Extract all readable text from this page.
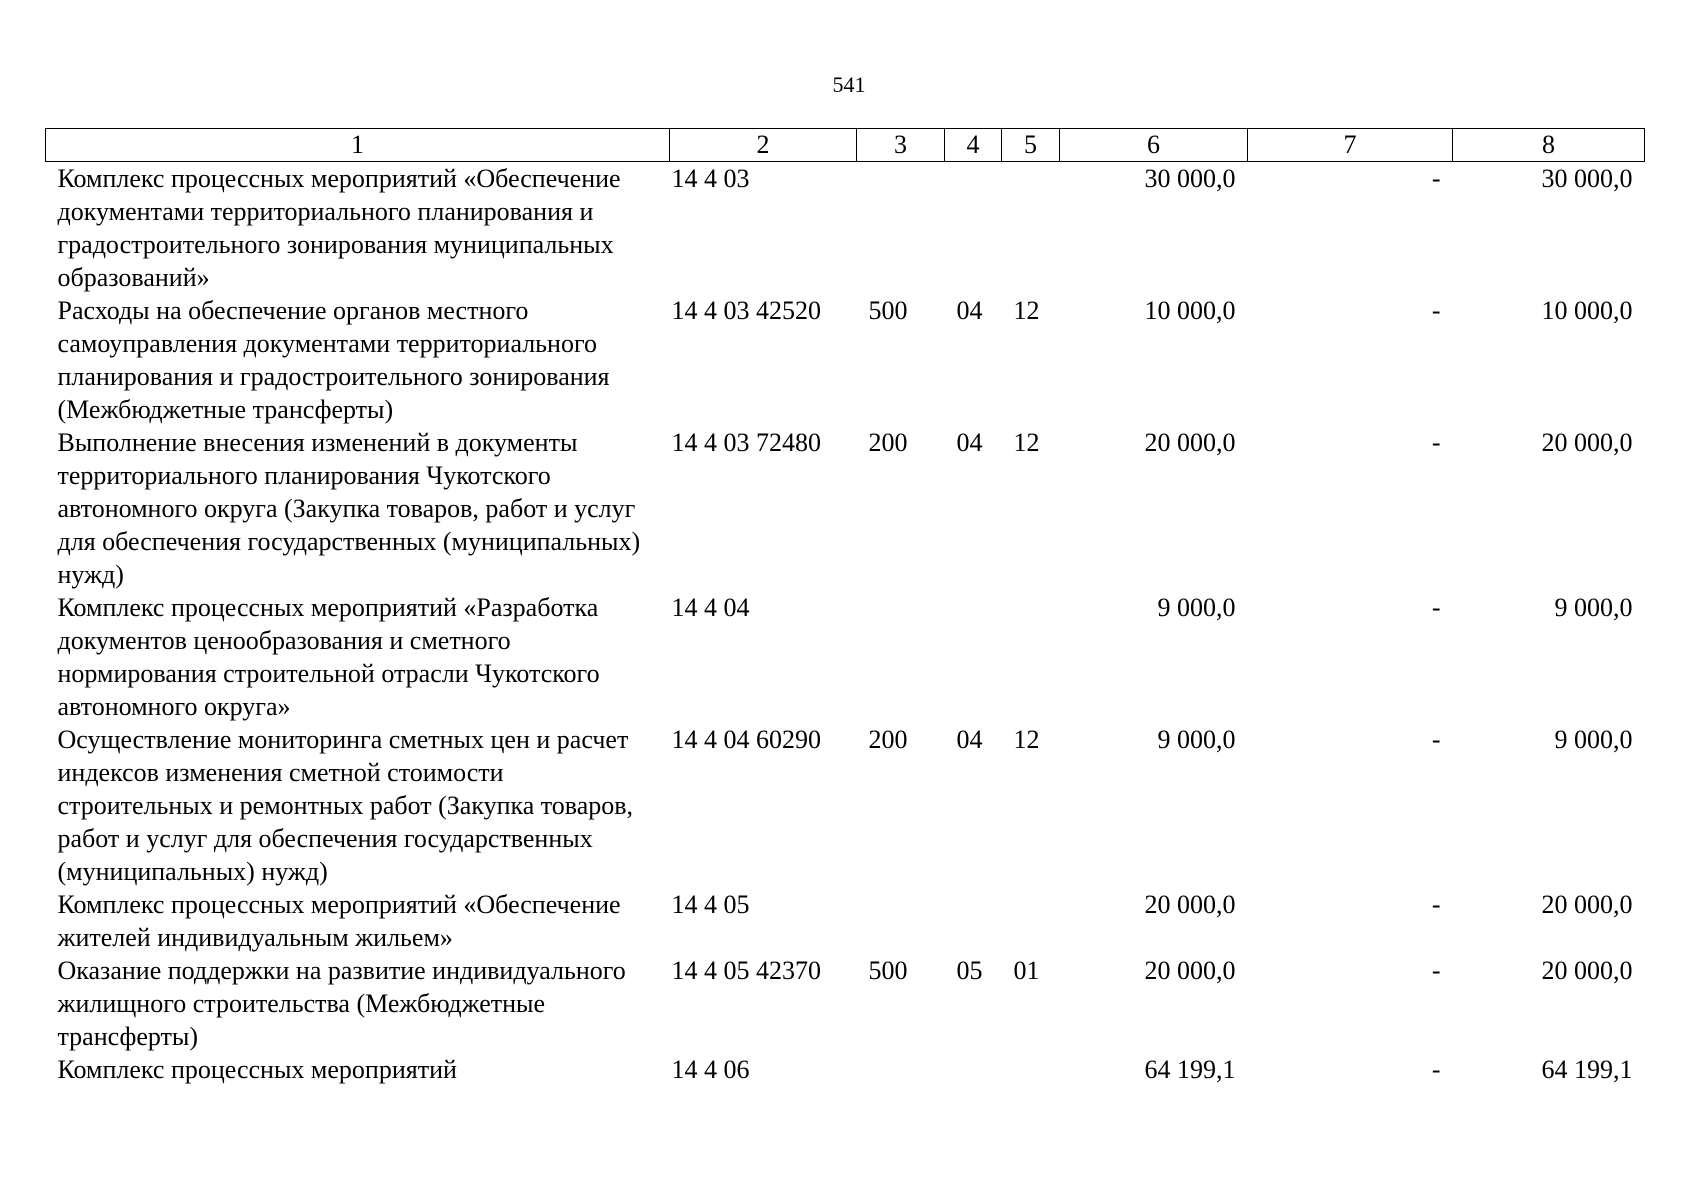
541
1	2	3	4	5	6	7	8
Комплекс процессных мероприятий «Обеспечение документами территориального планирования и градостроительного зонирования муниципальных образований»	14 4 03				30 000,0	-	30 000,0
Расходы на обеспечение органов местного самоуправления документами территориального планирования и градостроительного зонирования (Межбюджетные трансферты)	14 4 03 42520	500	04	12	10 000,0	-	10 000,0
Выполнение внесения изменений в документы территориального планирования Чукотского автономного округа (Закупка товаров, работ и услуг для обеспечения государственных (муниципальных) нужд)	14 4 03 72480	200	04	12	20 000,0	-	20 000,0
Комплекс процессных мероприятий «Разработка документов ценообразования и сметного нормирования строительной отрасли Чукотского автономного округа»	14 4 04				9 000,0	-	9 000,0
Осуществление мониторинга сметных цен и расчет индексов изменения сметной стоимости строительных и ремонтных работ (Закупка товаров, работ и услуг для обеспечения государственных (муниципальных) нужд)	14 4 04 60290	200	04	12	9 000,0	-	9 000,0
Комплекс процессных мероприятий «Обеспечение жителей индивидуальным жильем»	14 4 05				20 000,0	-	20 000,0
Оказание поддержки на развитие индивидуального жилищного строительства (Межбюджетные трансферты)	14 4 05 42370	500	05	01	20 000,0	-	20 000,0
Комплекс процессных мероприятий	14 4 06				64 199,1	-	64 199,1
